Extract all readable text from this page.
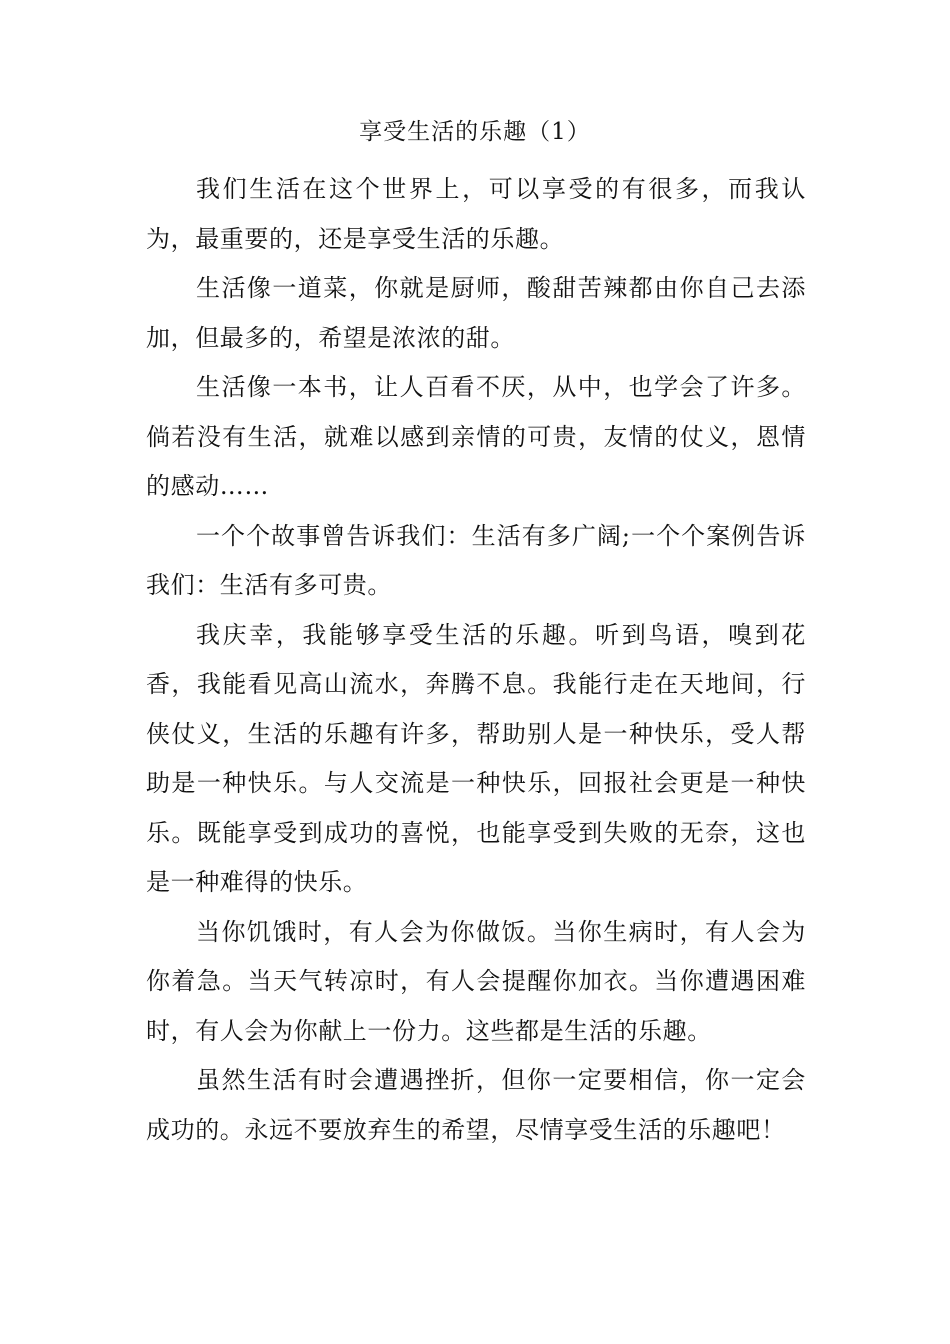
享受生活的乐趣（1）

我们生活在这个世界上，可以享受的有很多，而我认为，最重要的，还是享受生活的乐趣。

生活像一道菜，你就是厨师，酸甜苦辣都由你自己去添加，但最多的，希望是浓浓的甜。

生活像一本书，让人百看不厌，从中，也学会了许多。倘若没有生活，就难以感到亲情的可贵，友情的仗义，恩情的感动……

一个个故事曾告诉我们：生活有多广阔;一个个案例告诉我们：生活有多可贵。

我庆幸，我能够享受生活的乐趣。听到鸟语，嗅到花香，我能看见高山流水，奔腾不息。我能行走在天地间，行侠仗义，生活的乐趣有许多，帮助别人是一种快乐，受人帮助是一种快乐。与人交流是一种快乐，回报社会更是一种快乐。既能享受到成功的喜悦，也能享受到失败的无奈，这也是一种难得的快乐。

当你饥饿时，有人会为你做饭。当你生病时，有人会为你着急。当天气转凉时，有人会提醒你加衣。当你遭遇困难时，有人会为你献上一份力。这些都是生活的乐趣。

虽然生活有时会遭遇挫折，但你一定要相信，你一定会成功的。永远不要放弃生的希望，尽情享受生活的乐趣吧！
